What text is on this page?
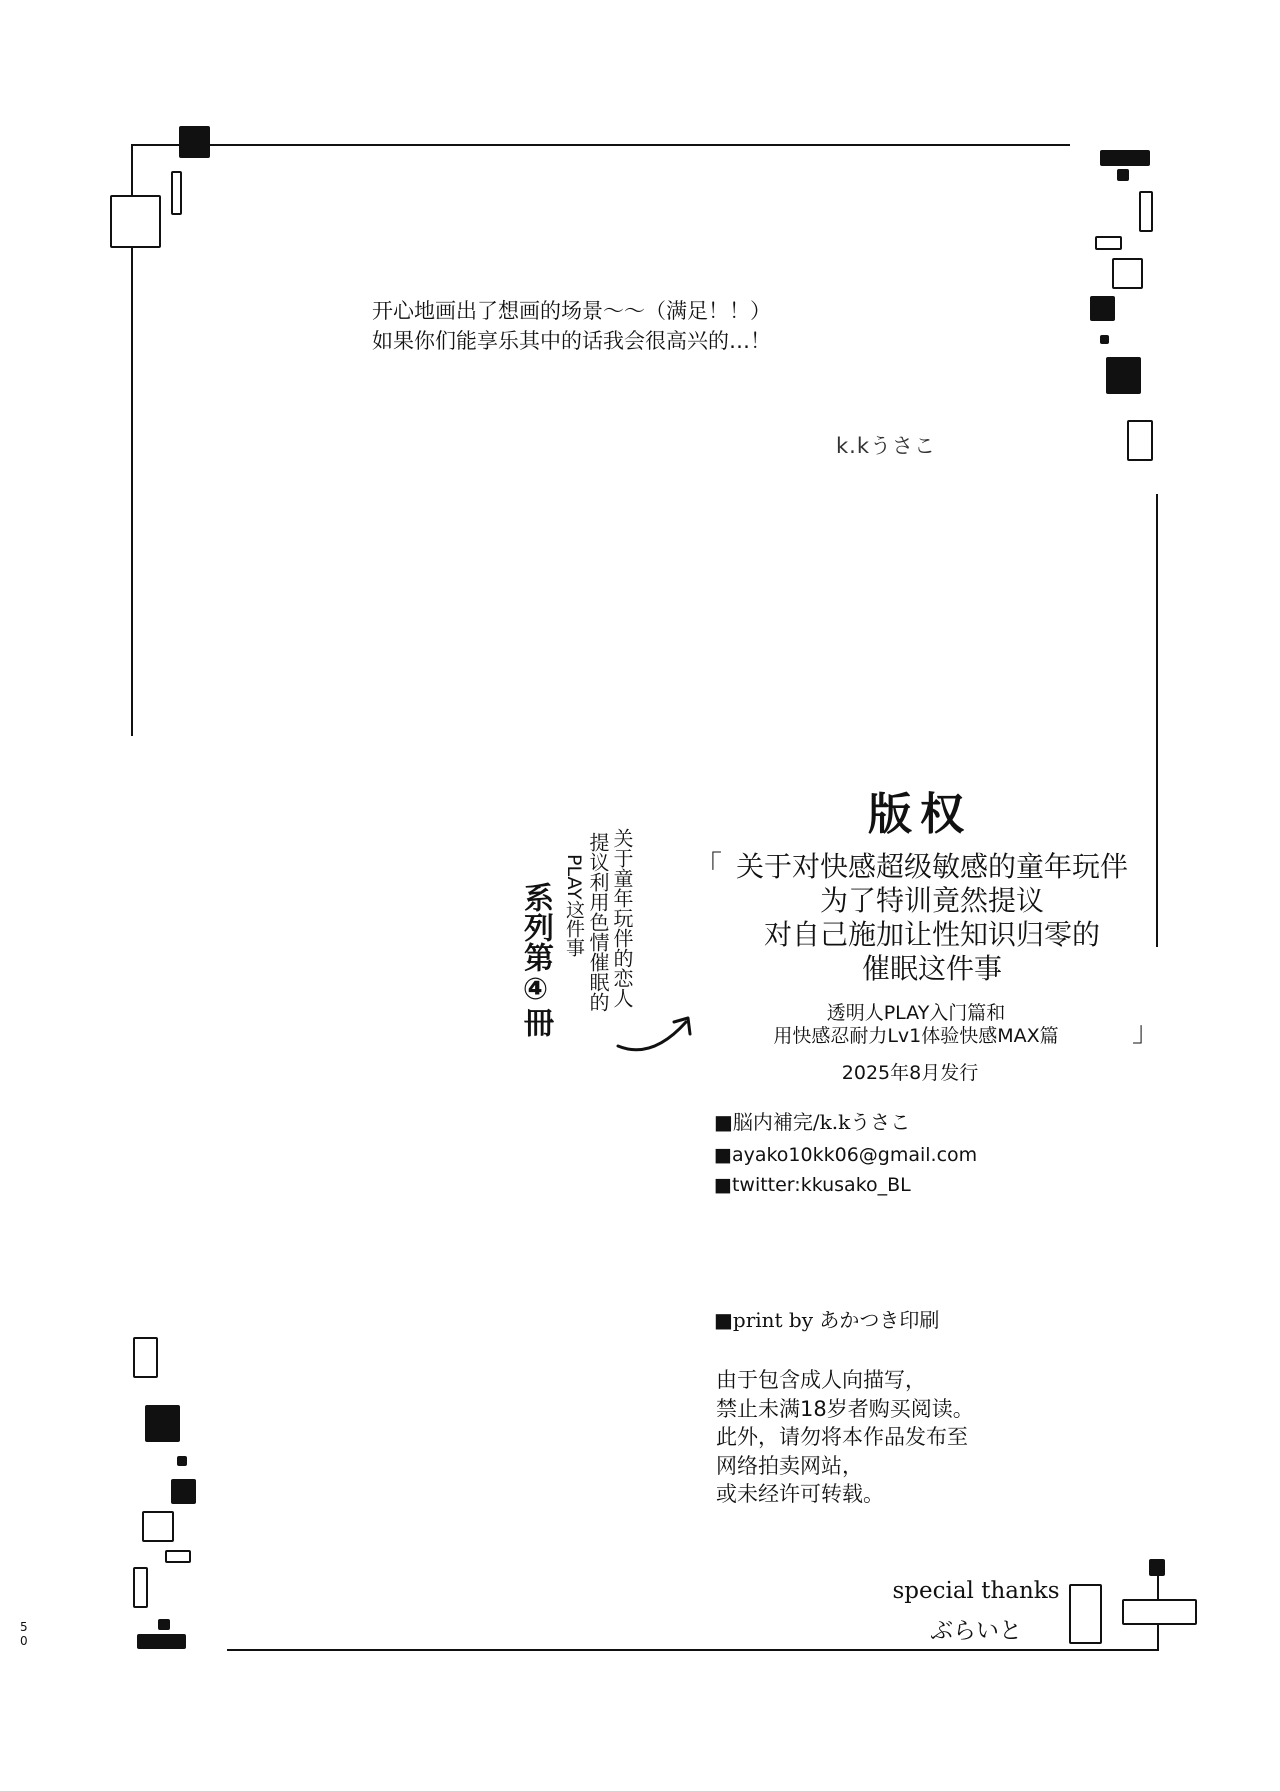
开心地画出了想画的场景～～（满足！！）
如果你们能享乐其中的话我会很高兴的…！
k.kうさこ
版权
「 关于对快感超级敏感的童年玩伴
为了特训竟然提议
对自己施加让性知识归零的
催眠这件事
透明人PLAY入门篇和
用快感忍耐力Lv1体验快感MAX篇	」
2025年8月发行
■脳内補完/k.kうさこ
■ayako10kk06@gmail.com
■twitter:kkusako_BL
■print by あかつき印刷
由于包含成人向描写，
禁止未满18岁者购买阅读。
此外，请勿将本作品发布至
网络拍卖网站，
或未经许可转载。
special thanks
ぶらいと
关于童年玩伴的恋人
提议利用色情催眠的
PLAY这件事
系列第④冊
5
0
